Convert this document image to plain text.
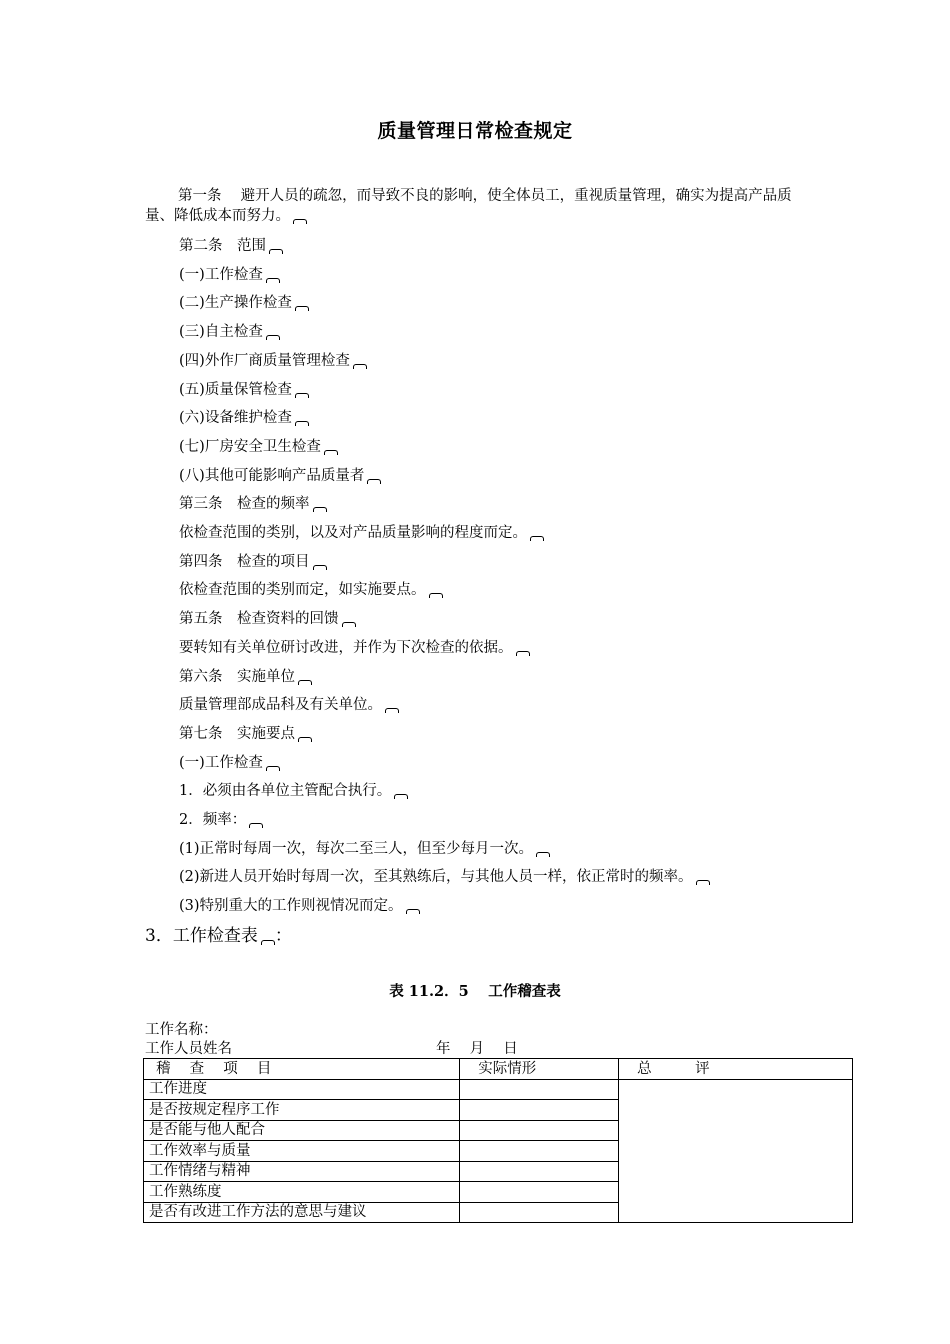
质量管理日常检查规定
第一条　 避开人员的疏忽，而导致不良的影响，使全体员工，重视质量管理，确实为提高产品质量、降低成本而努力。
第二条　范围
(一)工作检查
(二)生产操作检查
(三)自主检查
(四)外作厂商质量管理检查
(五)质量保管检查
(六)设备维护检查
(七)厂房安全卫生检查
(八)其他可能影响产品质量者
第三条　检查的频率
依检查范围的类别，以及对产品质量影响的程度而定。
第四条　检查的项目
依检查范围的类别而定，如实施要点。
第五条　检查资料的回馈
要转知有关单位研讨改进，并作为下次检查的依据。
第六条　实施单位
质量管理部成品科及有关单位。
第七条　实施要点
(一)工作检查
1．必须由各单位主管配合执行。
2．频率：
(1)正常时每周一次，每次二至三人，但至少每月一次。
(2)新进人员开始时每周一次，至其熟练后，与其他人员一样，依正常时的频率。
(3)特别重大的工作则视情况而定。
3．工作检查表 ：
表 11.2．5　 工作稽查表
工作名称：
工作人员姓名	年　 月　 日
稽　 查　 项　 目	实际情形	总　　　评
工作进度		
是否按规定程序工作		
是否能与他人配合		
工作效率与质量		
工作情绪与精神		
工作熟练度		
是否有改进工作方法的意思与建议		
